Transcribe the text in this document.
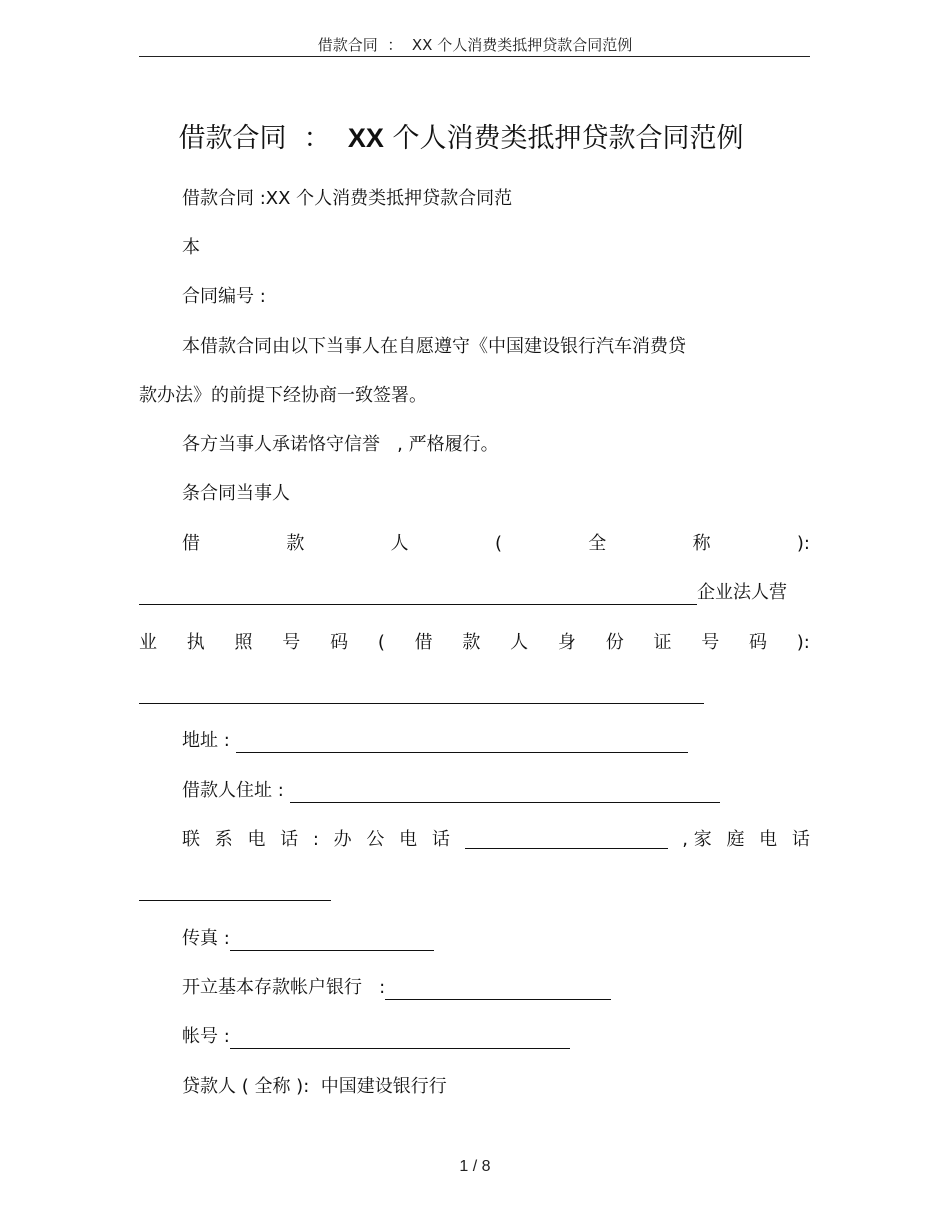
借款合同  ：  XX 个人消费类抵押贷款合同范例
借款合同  ：  XX 个人消费类抵押贷款合同范例
借款合同 :XX 个人消费类抵押贷款合同范
本
合同编号 :
本借款合同由以下当事人在自愿遵守《中国建设银行汽车消费贷
款办法》的前提下经协商一致签署。
各方当事人承诺恪守信誉   , 严格履行。
条合同当事人
借	款	人	(	全	称	):
企业法人营
业 执 照 号 码 ( 借 款 人 身 份 证 号 码 ):
地址 :
借款人住址 :
联 系 电 话 : 办 公 电 话	, 家 庭 电 话
传真 :
开立基本存款帐户银行   :
帐号 :
贷款人 ( 全称 ):  中国建设银行行
1 / 8
